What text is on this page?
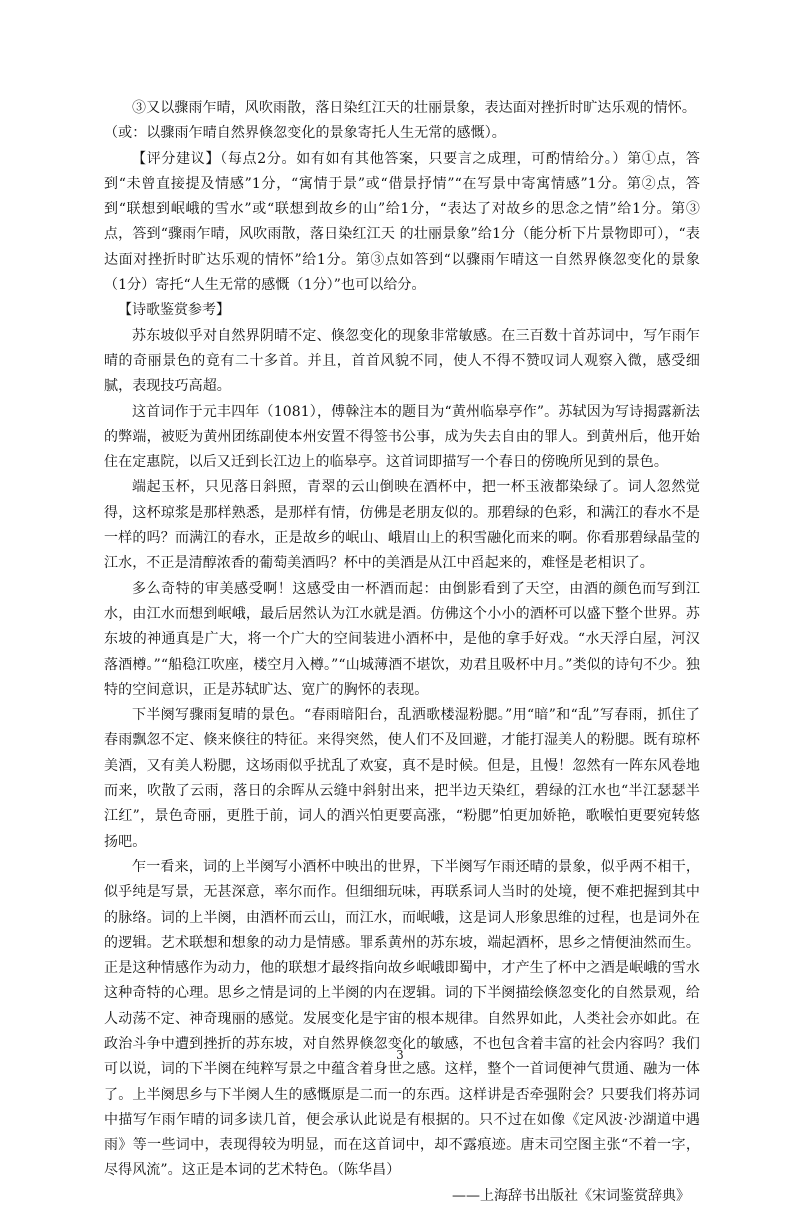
③又以骤雨乍晴，风吹雨散，落日染红江天的壮丽景象，表达面对挫折时旷达乐观的情怀。

（或：以骤雨乍晴自然界倏忽变化的景象寄托人生无常的感慨）。

【评分建议】（每点2分。如有如有其他答案，只要言之成理，可酌情给分。）第①点，答到“未曾直接提及情感”1分，“寓情于景”或“借景抒情”“在写景中寄寓情感”1分。第②点，答到“联想到岷峨的雪水”或“联想到故乡的山”给1分，“表达了对故乡的思念之情”给1分。第③点，答到“骤雨乍晴，风吹雨散，落日染红江天 的壮丽景象”给1分（能分析下片景物即可），“表达面对挫折时旷达乐观的情怀”给1分。第③点如答到“以骤雨乍晴这一自然界倏忽变化的景象（1分）寄托“人生无常的感慨（1分）”也可以给分。

【诗歌鉴赏参考】

苏东坡似乎对自然界阴晴不定、倏忽变化的现象非常敏感。在三百数十首苏词中，写乍雨乍晴的奇丽景色的竟有二十多首。并且，首首风貌不同，使人不得不赞叹词人观察入微，感受细腻，表现技巧高超。

这首词作于元丰四年（1081），傅榦注本的题目为“黄州临皋亭作”。苏轼因为写诗揭露新法的弊端，被贬为黄州团练副使本州安置不得签书公事，成为失去自由的罪人。到黄州后，他开始住在定惠院，以后又迁到长江边上的临皋亭。这首词即描写一个春日的傍晚所见到的景色。

端起玉杯，只见落日斜照，青翠的云山倒映在酒杯中，把一杯玉液都染绿了。词人忽然觉得，这杯琼浆是那样熟悉，是那样有情，仿佛是老朋友似的。那碧绿的色彩，和满江的春水不是一样的吗？而满江的春水，正是故乡的岷山、峨眉山上的积雪融化而来的啊。你看那碧绿晶莹的江水，不正是清醇浓香的葡萄美酒吗？杯中的美酒是从江中舀起来的，难怪是老相识了。

多么奇特的审美感受啊！这感受由一杯酒而起：由倒影看到了天空，由酒的颜色而写到江水，由江水而想到岷峨，最后居然认为江水就是酒。仿佛这个小小的酒杯可以盛下整个世界。苏东坡的神通真是广大，将一个广大的空间装进小酒杯中，是他的拿手好戏。“水天浮白屋，河汉落酒樽。”“船稳江吹座，楼空月入樽。”“山城薄酒不堪饮，劝君且吸杯中月。”类似的诗句不少。独特的空间意识，正是苏轼旷达、宽广的胸怀的表现。

下半阕写骤雨复晴的景色。“春雨暗阳台，乱洒歌楼湿粉腮。”用“暗”和“乱”写春雨，抓住了春雨飘忽不定、倏来倏往的特征。来得突然，使人们不及回避，才能打湿美人的粉腮。既有琼杯美酒，又有美人粉腮，这场雨似乎扰乱了欢宴，真不是时候。但是，且慢！忽然有一阵东风卷地而来，吹散了云雨，落日的余晖从云缝中斜射出来，把半边天染红，碧绿的江水也“半江瑟瑟半江红”，景色奇丽，更胜于前，词人的酒兴怕更要高涨，“粉腮”怕更加娇艳，歌喉怕更要宛转悠扬吧。

乍一看来，词的上半阕写小酒杯中映出的世界，下半阕写乍雨还晴的景象，似乎两不相干，似乎纯是写景，无甚深意，率尔而作。但细细玩味，再联系词人当时的处境，便不难把握到其中的脉络。词的上半阕，由酒杯而云山，而江水，而岷峨，这是词人形象思维的过程，也是词外在的逻辑。艺术联想和想象的动力是情感。罪系黄州的苏东坡，端起酒杯，思乡之情便油然而生。正是这种情感作为动力，他的联想才最终指向故乡岷峨即蜀中，才产生了杯中之酒是岷峨的雪水这种奇特的心理。思乡之情是词的上半阕的内在逻辑。词的下半阕描绘倏忽变化的自然景观，给人动荡不定、神奇瑰丽的感觉。发展变化是宇宙的根本规律。自然界如此，人类社会亦如此。在政治斗争中遭到挫折的苏东坡，对自然界倏忽变化的敏感，不也包含着丰富的社会内容吗？我们可以说，词的下半阕在纯粹写景之中蕴含着身世之感。这样，整个一首词便神气贯通、融为一体了。上半阕思乡与下半阕人生的感慨原是二而一的东西。这样讲是否牵强附会？只要我们将苏词中描写乍雨乍晴的词多读几首，便会承认此说是有根据的。只不过在如像《定风波·沙湖道中遇雨》等一些词中，表现得较为明显，而在这首词中，却不露痕迹。唐末司空图主张“不着一字，尽得风流”。这正是本词的艺术特色。（陈华昌）

——上海辞书出版社《宋词鉴赏辞典》

3
